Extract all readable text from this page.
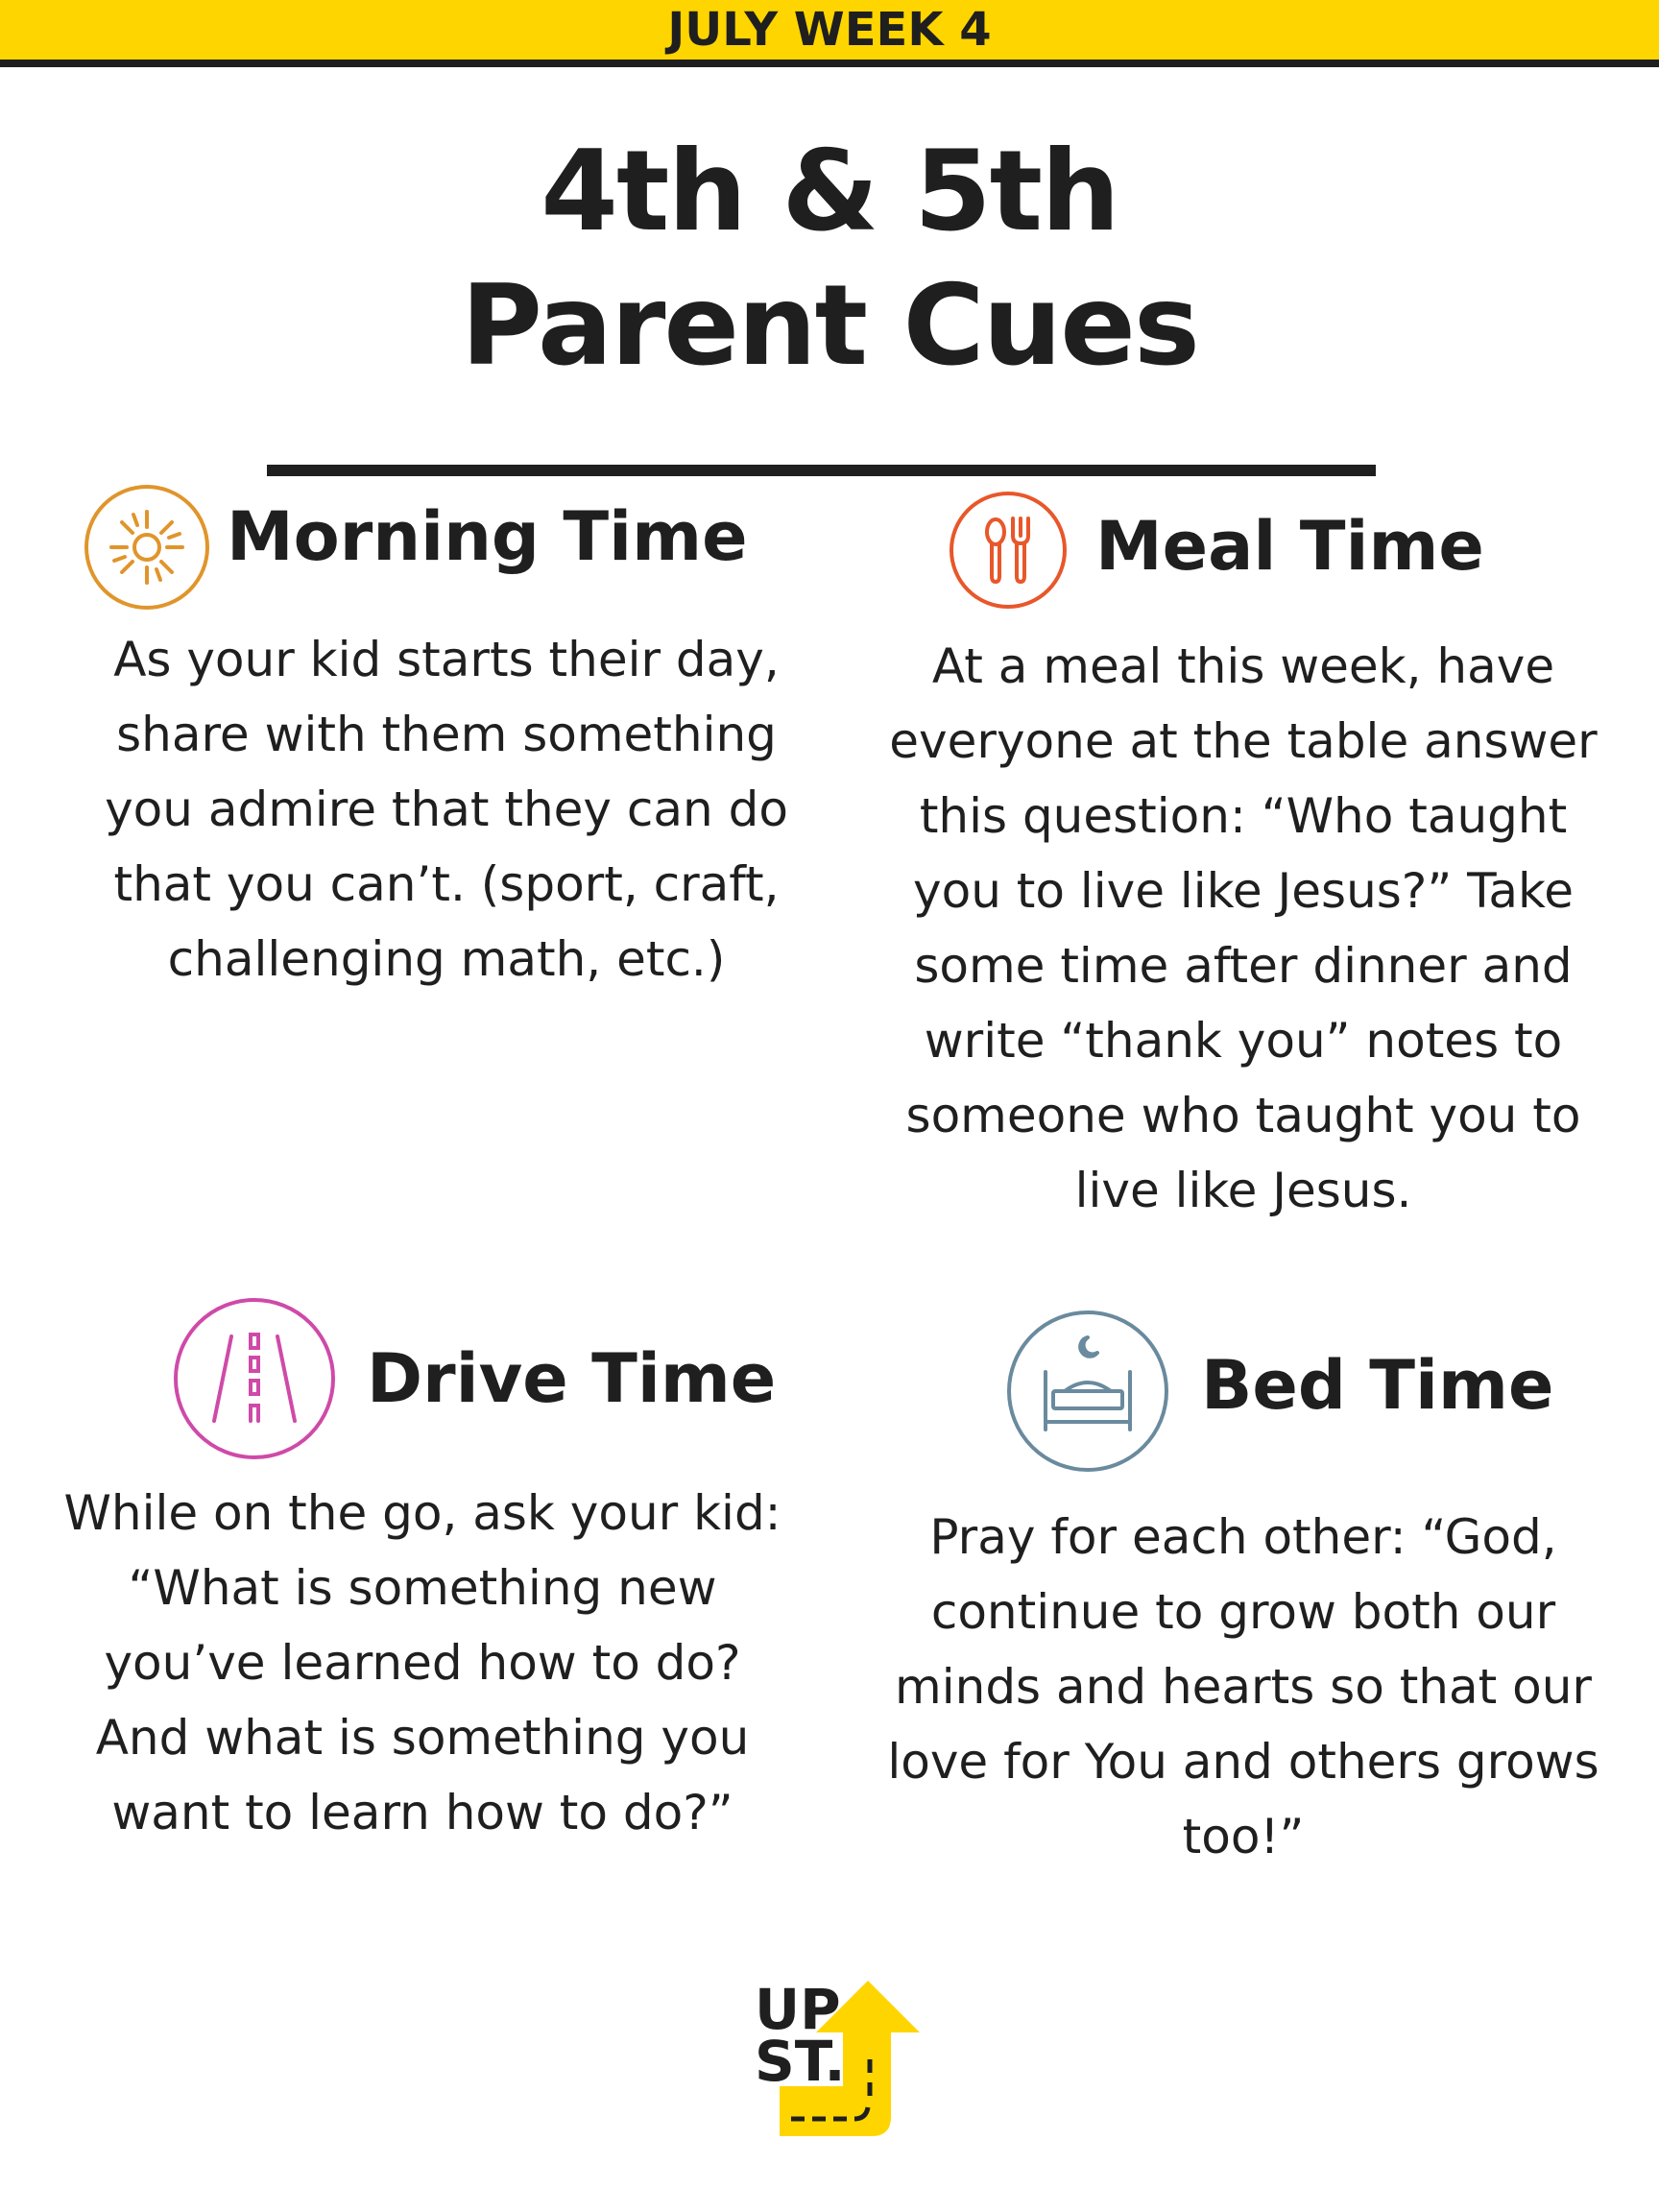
JULY WEEK 4
4th & 5th
Parent Cues
Morning Time
As your kid starts their day, share with them something you admire that they can do that you can’t. (sport, craft, challenging math, etc.)
Meal Time
At a meal this week, have everyone at the table answer this question: “Who taught you to live like Jesus?” Take some time after dinner and write “thank you” notes to someone who taught you to live like Jesus.
Drive Time
While on the go, ask your kid: “What is something new you’ve learned how to do? And what is something you want to learn how to do?”
Bed Time
Pray for each other: “God, continue to grow both our minds and hearts so that our love for You and others grows too!”
UP
ST.
